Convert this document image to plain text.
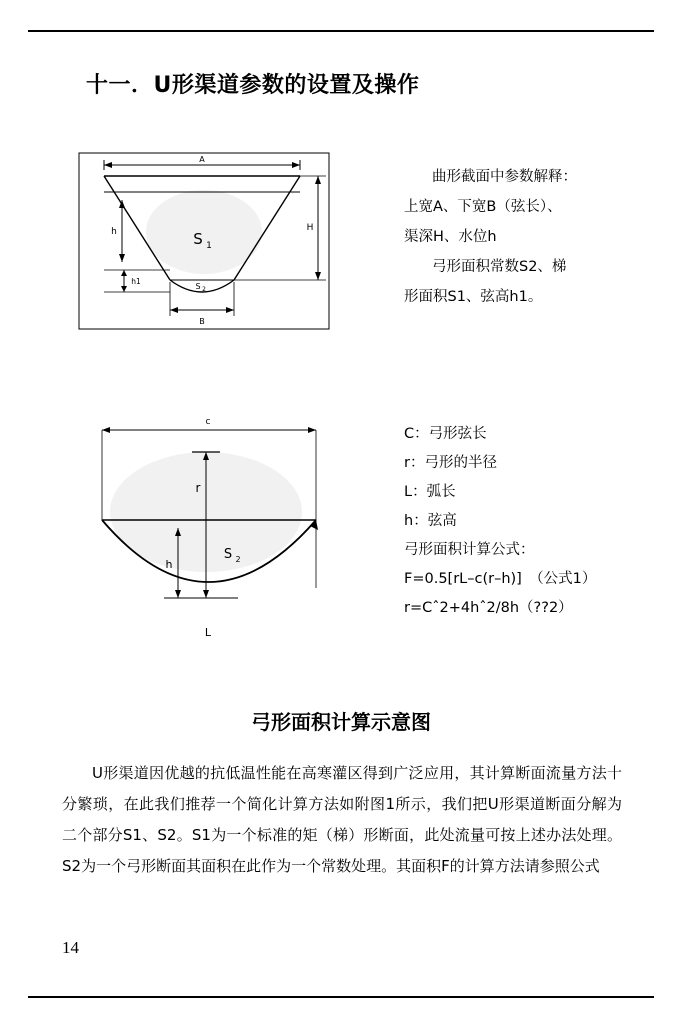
十一．U形渠道参数的设置及操作
A
H
h
h1
S 1
S 2
B
曲形截面中参数解释：
上宽A、下宽B（弦长）、
渠深H、水位h
弓形面积常数S2、梯
形面积S1、弦高h1。
c
r
h
S 2
L
C：弓形弦长
r：弓形的半径
L：弧长
h：弦高
弓形面积计算公式：
F=0.5[rL–c(r–h)]　（公式1）
r=Cˆ2+4hˆ2/8h（??2）
弓形面积计算示意图
U形渠道因优越的抗低温性能在高寒灌区得到广泛应用，其计算断面流量方法十分繁琐，在此我们推荐一个简化计算方法如附图1所示，我们把U形渠道断面分解为二个部分S1、S2。S1为一个标准的矩（梯）形断面，此处流量可按上述办法处理。S2为一个弓形断面其面积在此作为一个常数处理。其面积F的计算方法请参照公式
14
